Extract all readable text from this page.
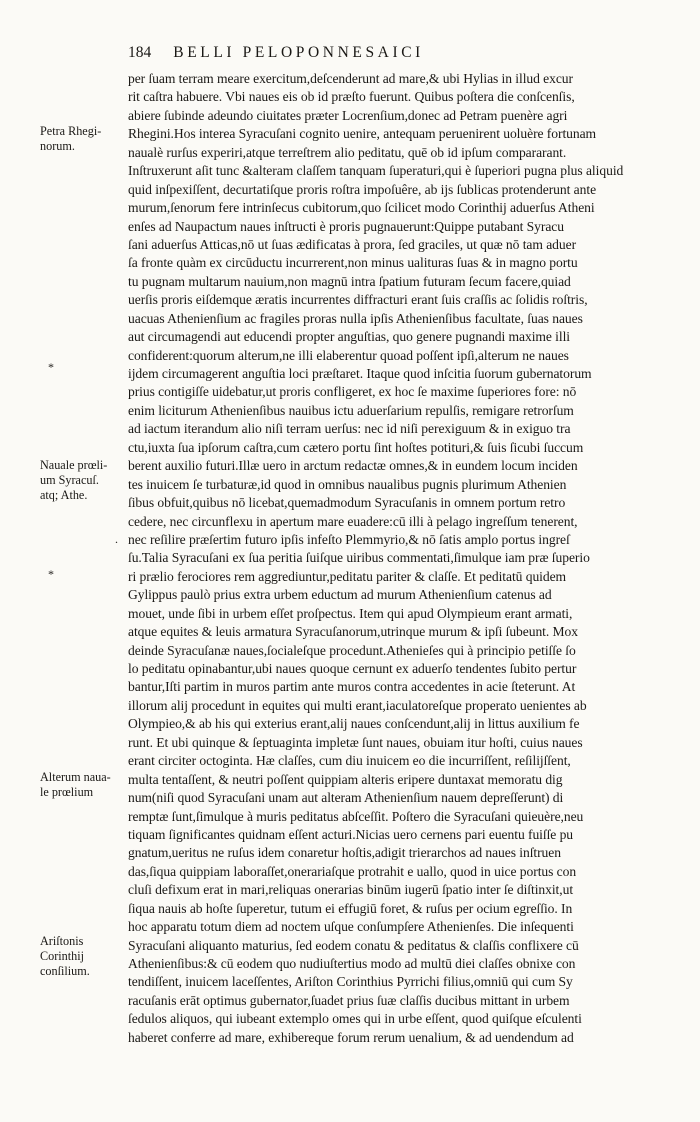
184 BELLI PELOPONNESAICI
Petra Rhegi-
norum.
*
Nauale prœli-
um Syracuſ.
atq; Athe.
.
*
Alterum naua-
le prœlium
Ariſtonis
Corinthij
conſilium.
per ſuam terram meare exercitum,deſcenderunt ad mare,& ubi Hylias in illud excur
rit caſtra habuere. Vbi naues eis ob id præſto fuerunt. Quibus poſtera die conſcenſis,
abiere ſubinde adeundo ciuitates præter Locrenſium,donec ad Petram puenère agri
Rhegini.Hos interea Syracuſani cognito uenire, antequam peruenirent uoluère fortunam
naualè rurſus experiri,atque terreſtrem alio peditatu, quē ob id ipſum compararant.
Inſtruxerunt aſit tunc &alteram claſſem tanquam ſuperaturi,qui è ſuperiori pugna plus aliquid
quid inſpexiſſent, decurtatiſque proris roſtra impoſuêre, ab ijs ſublicas protenderunt ante
murum,ſenorum fere intrinſecus cubitorum,quo ſcilicet modo Corinthij aduerſus Atheni
enſes ad Naupactum naues inſtructi è proris pugnauerunt:Quippe putabant Syracu
ſani aduerſus Atticas,nō ut ſuas ædificatas à prora, ſed graciles, ut quæ nō tam aduer
ſa fronte quàm ex circūductu incurrerent,non minus ualituras ſuas & in magno portu
tu pugnam multarum nauium,non magnū intra ſpatium futuram ſecum facere,quiad
uerſis proris eiſdemque æratis incurrentes diffracturi erant ſuis craſſis ac ſolidis roſtris,
uacuas Athenienſium ac fragiles proras nulla ipſis Athenienſibus facultate, ſuas naues
aut circumagendi aut educendi propter anguſtias, quo genere pugnandi maxime illi
confiderent:quorum alterum,ne illi elaberentur quoad poſſent ipſi,alterum ne naues
ijdem circumagerent anguſtia loci præſtaret. Itaque quod inſcitia ſuorum gubernatorum
prius contigiſſe uidebatur,ut proris confligeret, ex hoc ſe maxime ſuperiores fore: nō
enim liciturum Athenienſibus nauibus ictu aduerſarium repulſis, remigare retrorſum
ad iactum iterandum alio niſi terram uerſus: nec id niſi perexiguum & in exiguo tra
ctu,iuxta ſua ipſorum caſtra,cum cætero portu ſint hoſtes potituri,& ſuis ſicubi ſuccum
berent auxilio futuri.Illæ uero in arctum redactæ omnes,& in eundem locum inciden
tes inuicem ſe turbaturæ,id quod in omnibus naualibus pugnis plurimum Athenien
ſibus obfuit,quibus nō licebat,quemadmodum Syracuſanis in omnem portum retro
cedere, nec circunflexu in apertum mare euadere:cū illi à pelago ingreſſum tenerent,
nec reſilire præſertim futuro ipſis infeſto Plemmyrio,& nō ſatis amplo portus ingreſ
ſu.Talia Syracuſani ex ſua peritia ſuiſque uiribus commentati,ſimulque iam præ ſuperio
ri prælio ferociores rem aggrediuntur,peditatu pariter & claſſe. Et peditatū quidem
Gylippus paulò prius extra urbem eductum ad murum Athenienſium catenus ad
mouet, unde ſibi in urbem eſſet proſpectus. Item qui apud Olympieum erant armati,
atque equites & leuis armatura Syracuſanorum,utrinque murum & ipſi ſubeunt. Mox
deinde Syracuſanæ naues,ſocialeſque procedunt.Athenieſes qui à principio petiſſe ſo
lo peditatu opinabantur,ubi naues quoque cernunt ex aduerſo tendentes ſubito pertur
bantur,Iſti partim in muros partim ante muros contra accedentes in acie ſteterunt. At
illorum alij procedunt in equites qui multi erant,iaculatoreſque properato uenientes ab
Olympieo,& ab his qui exterius erant,alij naues conſcendunt,alij in littus auxilium fe
runt. Et ubi quinque & ſeptuaginta impletæ ſunt naues, obuiam itur hoſti, cuius naues
erant circiter octoginta. Hæ claſſes, cum diu inuicem eo die incurriſſent, reſilijſſent,
multa tentaſſent, & neutri poſſent quippiam alteris eripere duntaxat memoratu dig
num(niſi quod Syracuſani unam aut alteram Athenienſium nauem depreſſerunt) di
remptæ ſunt,ſimulque à muris peditatus abſceſſit. Poſtero die Syracuſani quieuère,neu
tiquam ſignificantes quidnam eſſent acturi.Nicias uero cernens pari euentu fuiſſe pu
gnatum,ueritus ne ruſus idem conaretur hoſtis,adigit trierarchos ad naues inſtruen
das,ſiqua quippiam laboraſſet,onerariaſque protrahit e uallo, quod in uice portus con
cluſi defixum erat in mari,reliquas onerarias binūm iugerū ſpatio inter ſe diſtinxit,ut
ſiqua nauis ab hoſte ſuperetur, tutum ei effugiū foret, & ruſus per ocium egreſſio. In
hoc apparatu totum diem ad noctem uſque conſumpſere Athenienſes. Die inſequenti
Syracuſani aliquanto maturius, ſed eodem conatu & peditatus & claſſis conflixere cū
Athenienſibus:& cū eodem quo nudiuſtertius modo ad multū diei claſſes obnixe con
tendiſſent, inuicem laceſſentes, Ariſton Corinthius Pyrrichi filius,omniū qui cum Sy
racuſanis erāt optimus gubernator,ſuadet prius ſuæ claſſis ducibus mittant in urbem
ſedulos aliquos, qui iubeant extemplo omes qui in urbe eſſent, quod quiſque eſculenti
haberet conferre ad mare, exhibereque forum rerum uenalium, & ad uendendum ad
